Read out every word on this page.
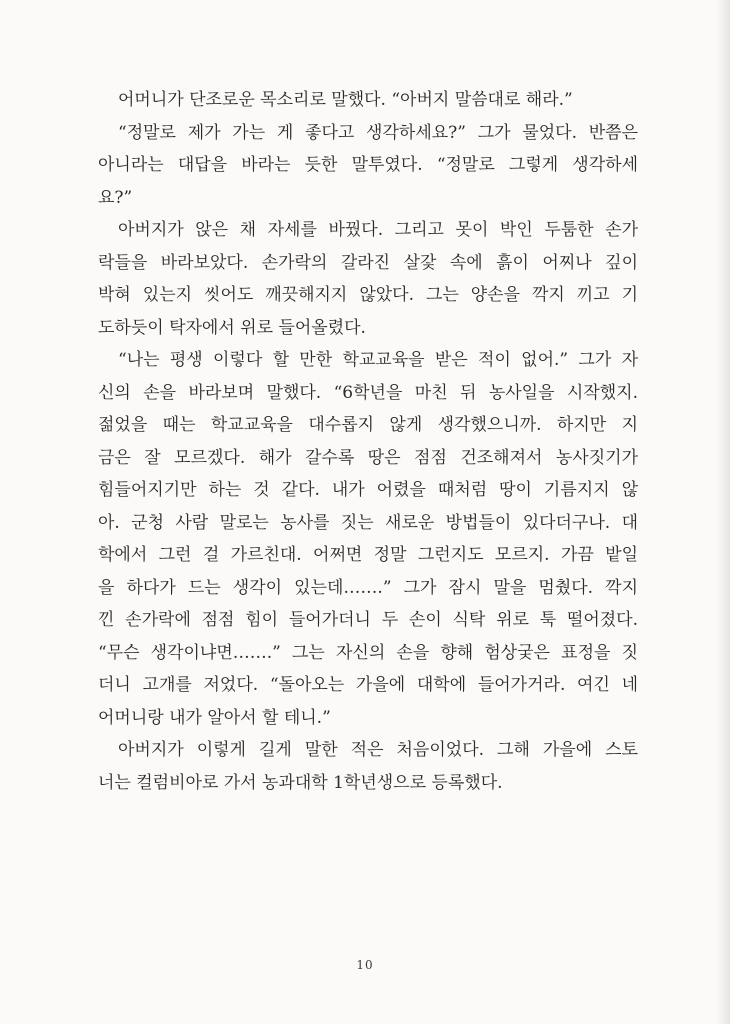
어머니가 단조로운 목소리로 말했다. “아버지 말씀대로 해라.”

“정말로 제가 가는 게 좋다고 생각하세요?” 그가 물었다. 반쯤은
아니라는 대답을 바라는 듯한 말투였다. “정말로 그렇게 생각하세
요?”

아버지가 앉은 채 자세를 바꿨다. 그리고 못이 박인 두툼한 손가
락들을 바라보았다. 손가락의 갈라진 살갗 속에 흙이 어찌나 깊이
박혀 있는지 씻어도 깨끗해지지 않았다. 그는 양손을 깍지 끼고 기
도하듯이 탁자에서 위로 들어올렸다.

“나는 평생 이렇다 할 만한 학교교육을 받은 적이 없어.” 그가 자
신의 손을 바라보며 말했다. “6학년을 마친 뒤 농사일을 시작했지.
젊었을 때는 학교교육을 대수롭지 않게 생각했으니까. 하지만 지
금은 잘 모르겠다. 해가 갈수록 땅은 점점 건조해져서 농사짓기가
힘들어지기만 하는 것 같다. 내가 어렸을 때처럼 땅이 기름지지 않
아. 군청 사람 말로는 농사를 짓는 새로운 방법들이 있다더구나. 대
학에서 그런 걸 가르친대. 어쩌면 정말 그런지도 모르지. 가끔 밭일
을 하다가 드는 생각이 있는데…….” 그가 잠시 말을 멈췄다. 깍지
낀 손가락에 점점 힘이 들어가더니 두 손이 식탁 위로 툭 떨어졌다.
“무슨 생각이냐면…….” 그는 자신의 손을 향해 험상궂은 표정을 짓
더니 고개를 저었다. “돌아오는 가을에 대학에 들어가거라. 여긴 네
어머니랑 내가 알아서 할 테니.”

아버지가 이렇게 길게 말한 적은 처음이었다. 그해 가을에 스토
너는 컬럼비아로 가서 농과대학 1학년생으로 등록했다.

10
